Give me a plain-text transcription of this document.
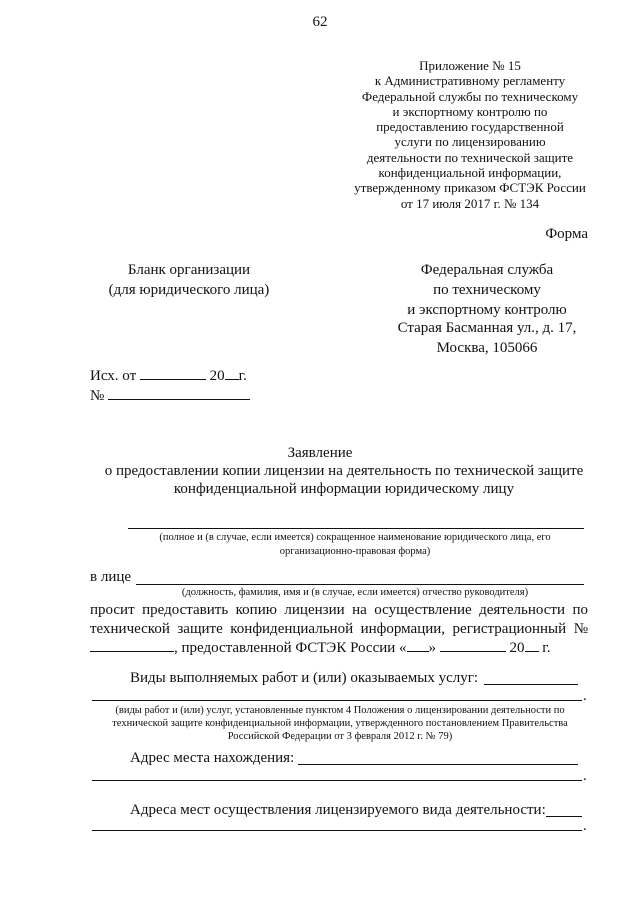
62
Приложение № 15
к Административному регламенту
Федеральной службы по техническому
и экспортному контролю по
предоставлению государственной
услуги по лицензированию
деятельности по технической защите
конфиденциальной информации,
утвержденному приказом ФСТЭК России
от 17 июля 2017 г. № 134
Форма
Бланк организации
(для юридического лица)
Федеральная служба
по техническому
и экспортному контролю
Старая Басманная ул., д. 17,
Москва, 105066
Исх. от	20 г.
№
Заявление
о предоставлении копии лицензии на деятельность по технической защите конфиденциальной информации юридическому лицу
(полное и (в случае, если имеется) сокращенное наименование юридического лица, его организационно-правовая форма)
в лице
(должность, фамилия, имя и (в случае, если имеется) отчество руководителя)
просит предоставить копию лицензии на осуществление деятельности по технической защите конфиденциальной информации, регистрационный №, предоставленной ФСТЭК России « »	20 г.
Виды выполняемых работ и (или) оказываемых услуг:
.
(виды работ и (или) услуг, установленные пунктом 4 Положения о лицензировании деятельности по технической защите конфиденциальной информации, утвержденного постановлением Правительства Российской Федерации от 3 февраля 2012 г. № 79)
Адрес места нахождения:
.
Адреса мест осуществления лицензируемого вида деятельности:
.
